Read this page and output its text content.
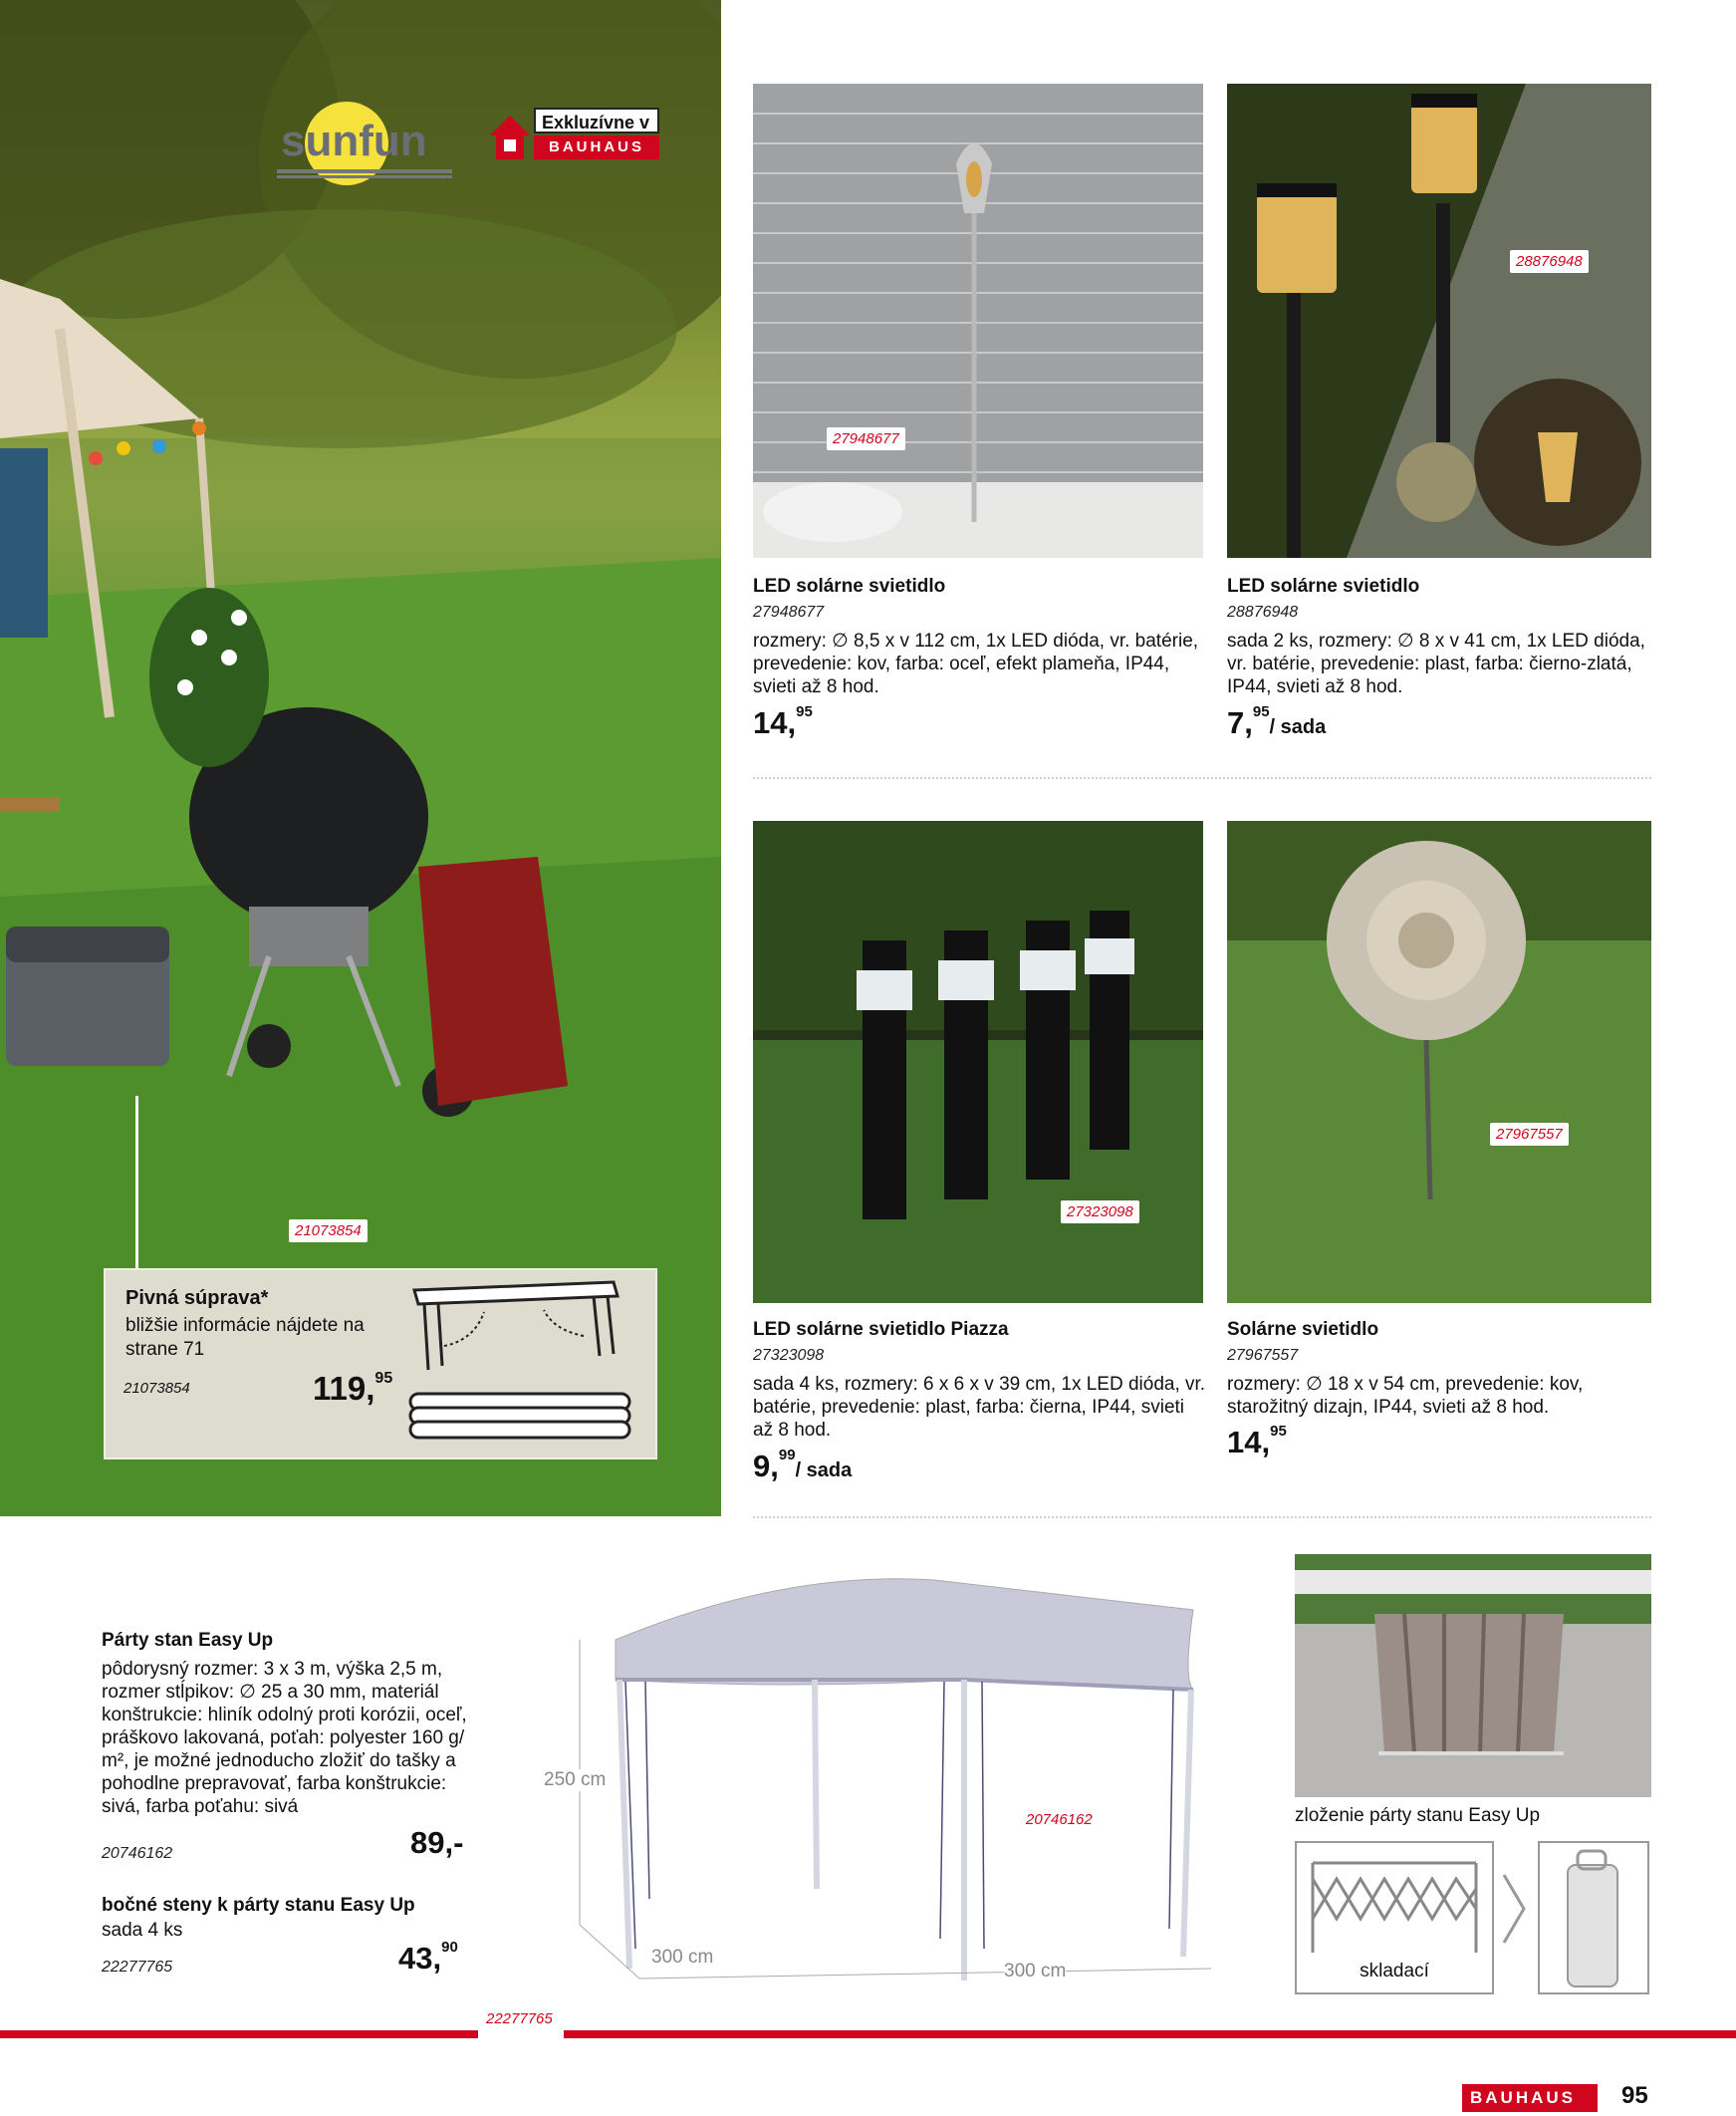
sunfun	Exkluzívne v
BAUHAUS
21073854
Pivná súprava*
bližšie informácie nájdete na strane 71
21073854	119,95
27948677
LED solárne svietidlo
27948677
rozmery: ∅ 8,5 x v 112 cm, 1x LED dióda, vr. batérie, prevedenie: kov, farba: oceľ, efekt plameňa, IP44, svieti až 8 hod.
14,95
28876948
LED solárne svietidlo
28876948
sada 2 ks, rozmery: ∅ 8 x v 41 cm, 1x LED dióda, vr. batérie, prevedenie: plast, farba: čierno-zlatá, IP44, svieti až 8 hod.
7,95/ sada
27323098
LED solárne svietidlo Piazza
27323098
sada 4 ks, rozmery: 6 x 6 x v 39 cm, 1x LED dióda, vr. batérie, prevedenie: plast, farba: čierna, IP44, svieti až 8 hod.
9,99/ sada
27967557
Solárne svietidlo
27967557
rozmery: ∅ 18 x v 54 cm, prevedenie: kov, starožitný dizajn, IP44, svieti až 8 hod.
14,95
Párty stan Easy Up
pôdorysný rozmer: 3 x 3 m, výška 2,5 m, rozmer stĺpikov: ∅ 25 a 30 mm, materiál konštrukcie: hliník odolný proti korózii, oceľ, práškovo lakovaná, poťah: polyester 160 g/ m², je možné jednoducho zložiť do tašky a pohodlne prepravovať, farba konštrukcie: sivá, farba poťahu: sivá
20746162	89,-
bočné steny k párty stanu Easy Up
sada 4 ks
22277765	43,90
250 cm
300 cm
300 cm
20746162
22277765
zloženie párty stanu Easy Up
skladací
BAUHAUS	95
